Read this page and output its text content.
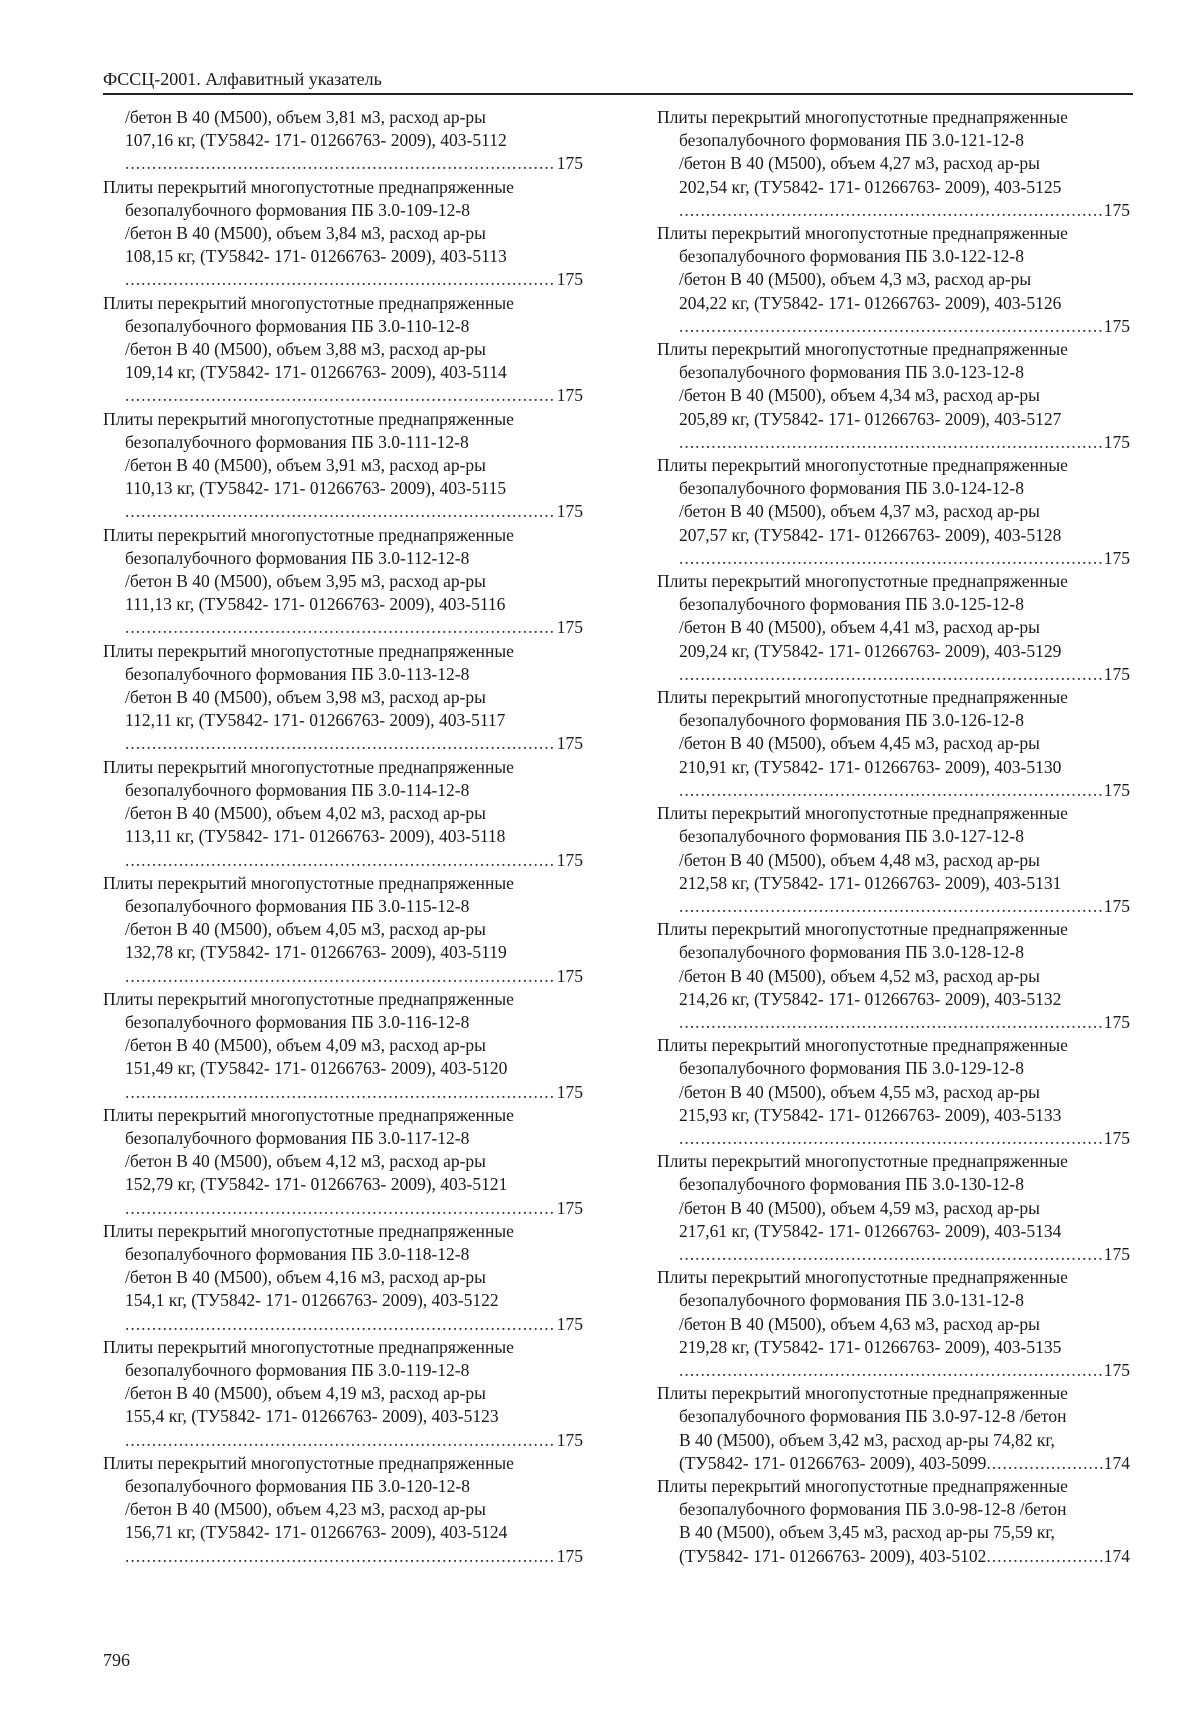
ФССЦ-2001. Алфавитный указатель
/бетон В 40 (М500), объем 3,81 м3, расход ар-ры
107,16 кг, (ТУ5842- 171- 01266763- 2009), 403-5112
.....
175
Плиты перекрытий многопустотные преднапряженные
безопалубочного формования ПБ 3.0-109-12-8
/бетон В 40 (М500), объем 3,84 м3, расход ар-ры
108,15 кг, (ТУ5842- 171- 01266763- 2009), 403-5113
.....
175
Плиты перекрытий многопустотные преднапряженные
безопалубочного формования ПБ 3.0-110-12-8
/бетон В 40 (М500), объем 3,88 м3, расход ар-ры
109,14 кг, (ТУ5842- 171- 01266763- 2009), 403-5114
.....
175
Плиты перекрытий многопустотные преднапряженные
безопалубочного формования ПБ 3.0-111-12-8
/бетон В 40 (М500), объем 3,91 м3, расход ар-ры
110,13 кг, (ТУ5842- 171- 01266763- 2009), 403-5115
.....
175
Плиты перекрытий многопустотные преднапряженные
безопалубочного формования ПБ 3.0-112-12-8
/бетон В 40 (М500), объем 3,95 м3, расход ар-ры
111,13 кг, (ТУ5842- 171- 01266763- 2009), 403-5116
.....
175
Плиты перекрытий многопустотные преднапряженные
безопалубочного формования ПБ 3.0-113-12-8
/бетон В 40 (М500), объем 3,98 м3, расход ар-ры
112,11 кг, (ТУ5842- 171- 01266763- 2009), 403-5117
.....
175
Плиты перекрытий многопустотные преднапряженные
безопалубочного формования ПБ 3.0-114-12-8
/бетон В 40 (М500), объем 4,02 м3, расход ар-ры
113,11 кг, (ТУ5842- 171- 01266763- 2009), 403-5118
.....
175
Плиты перекрытий многопустотные преднапряженные
безопалубочного формования ПБ 3.0-115-12-8
/бетон В 40 (М500), объем 4,05 м3, расход ар-ры
132,78 кг, (ТУ5842- 171- 01266763- 2009), 403-5119
.....
175
Плиты перекрытий многопустотные преднапряженные
безопалубочного формования ПБ 3.0-116-12-8
/бетон В 40 (М500), объем 4,09 м3, расход ар-ры
151,49 кг, (ТУ5842- 171- 01266763- 2009), 403-5120
.....
175
Плиты перекрытий многопустотные преднапряженные
безопалубочного формования ПБ 3.0-117-12-8
/бетон В 40 (М500), объем 4,12 м3, расход ар-ры
152,79 кг, (ТУ5842- 171- 01266763- 2009), 403-5121
.....
175
Плиты перекрытий многопустотные преднапряженные
безопалубочного формования ПБ 3.0-118-12-8
/бетон В 40 (М500), объем 4,16 м3, расход ар-ры
154,1 кг, (ТУ5842- 171- 01266763- 2009), 403-5122
.....
175
Плиты перекрытий многопустотные преднапряженные
безопалубочного формования ПБ 3.0-119-12-8
/бетон В 40 (М500), объем 4,19 м3, расход ар-ры
155,4 кг, (ТУ5842- 171- 01266763- 2009), 403-5123
.....
175
Плиты перекрытий многопустотные преднапряженные
безопалубочного формования ПБ 3.0-120-12-8
/бетон В 40 (М500), объем 4,23 м3, расход ар-ры
156,71 кг, (ТУ5842- 171- 01266763- 2009), 403-5124
.....
175
Плиты перекрытий многопустотные преднапряженные
безопалубочного формования ПБ 3.0-121-12-8
/бетон В 40 (М500), объем 4,27 м3, расход ар-ры
202,54 кг, (ТУ5842- 171- 01266763- 2009), 403-5125
.....
175
Плиты перекрытий многопустотные преднапряженные
безопалубочного формования ПБ 3.0-122-12-8
/бетон В 40 (М500), объем 4,3 м3, расход ар-ры
204,22 кг, (ТУ5842- 171- 01266763- 2009), 403-5126
.....
175
Плиты перекрытий многопустотные преднапряженные
безопалубочного формования ПБ 3.0-123-12-8
/бетон В 40 (М500), объем 4,34 м3, расход ар-ры
205,89 кг, (ТУ5842- 171- 01266763- 2009), 403-5127
.....
175
Плиты перекрытий многопустотные преднапряженные
безопалубочного формования ПБ 3.0-124-12-8
/бетон В 40 (М500), объем 4,37 м3, расход ар-ры
207,57 кг, (ТУ5842- 171- 01266763- 2009), 403-5128
.....
175
Плиты перекрытий многопустотные преднапряженные
безопалубочного формования ПБ 3.0-125-12-8
/бетон В 40 (М500), объем 4,41 м3, расход ар-ры
209,24 кг, (ТУ5842- 171- 01266763- 2009), 403-5129
.....
175
Плиты перекрытий многопустотные преднапряженные
безопалубочного формования ПБ 3.0-126-12-8
/бетон В 40 (М500), объем 4,45 м3, расход ар-ры
210,91 кг, (ТУ5842- 171- 01266763- 2009), 403-5130
.....
175
Плиты перекрытий многопустотные преднапряженные
безопалубочного формования ПБ 3.0-127-12-8
/бетон В 40 (М500), объем 4,48 м3, расход ар-ры
212,58 кг, (ТУ5842- 171- 01266763- 2009), 403-5131
.....
175
Плиты перекрытий многопустотные преднапряженные
безопалубочного формования ПБ 3.0-128-12-8
/бетон В 40 (М500), объем 4,52 м3, расход ар-ры
214,26 кг, (ТУ5842- 171- 01266763- 2009), 403-5132
.....
175
Плиты перекрытий многопустотные преднапряженные
безопалубочного формования ПБ 3.0-129-12-8
/бетон В 40 (М500), объем 4,55 м3, расход ар-ры
215,93 кг, (ТУ5842- 171- 01266763- 2009), 403-5133
.....
175
Плиты перекрытий многопустотные преднапряженные
безопалубочного формования ПБ 3.0-130-12-8
/бетон В 40 (М500), объем 4,59 м3, расход ар-ры
217,61 кг, (ТУ5842- 171- 01266763- 2009), 403-5134
.....
175
Плиты перекрытий многопустотные преднапряженные
безопалубочного формования ПБ 3.0-131-12-8
/бетон В 40 (М500), объем 4,63 м3, расход ар-ры
219,28 кг, (ТУ5842- 171- 01266763- 2009), 403-5135
.....
175
Плиты перекрытий многопустотные преднапряженные
безопалубочного формования ПБ 3.0-97-12-8 /бетон
В 40 (М500), объем 3,42 м3, расход ар-ры 74,82 кг,
(ТУ5842- 171- 01266763- 2009), 403-5099 .....	174
Плиты перекрытий многопустотные преднапряженные
безопалубочного формования ПБ 3.0-98-12-8 /бетон
В 40 (М500), объем 3,45 м3, расход ар-ры 75,59 кг,
(ТУ5842- 171- 01266763- 2009), 403-5102 .....	174
796
